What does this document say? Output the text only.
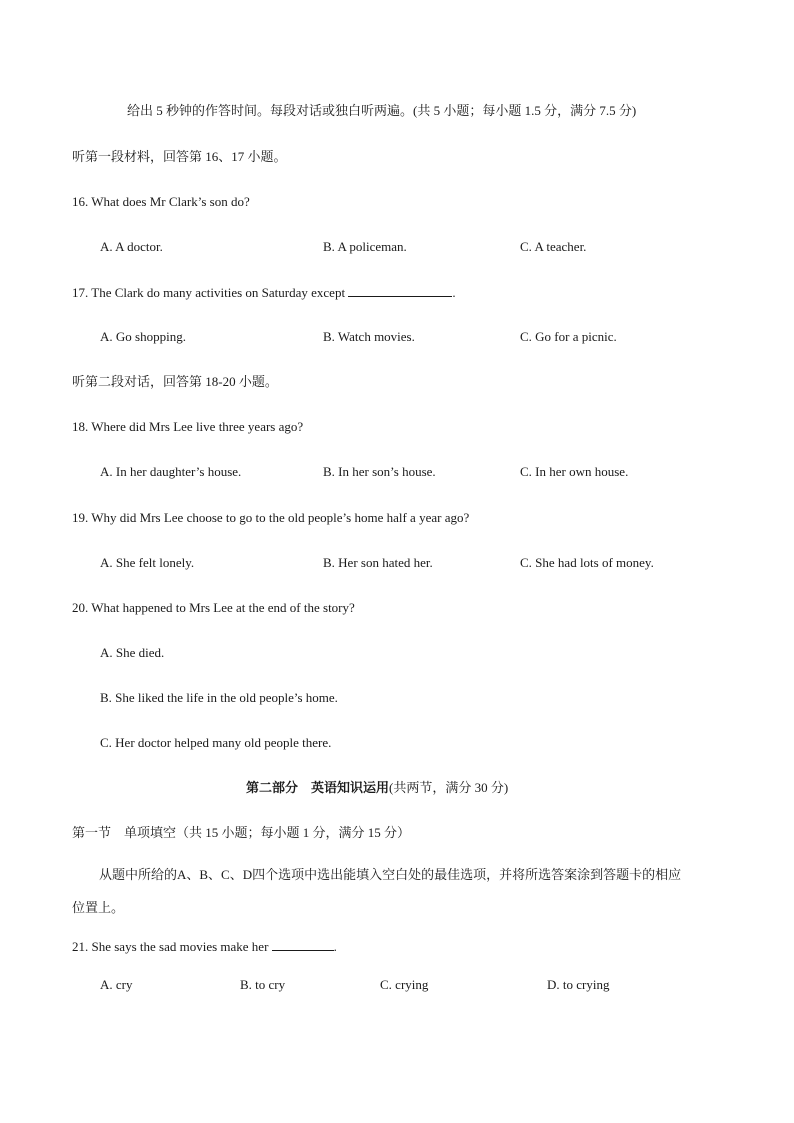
给出 5 秒钟的作答时间。每段对话或独白听两遍。(共 5 小题；每小题 1.5 分，满分 7.5 分)
听第一段材料，回答第 16、17 小题。
16. What does Mr Clark’s son do?
A. A doctor.	B. A policeman.	C. A teacher.
17. The Clark do many activities on Saturday except	.
A. Go shopping.	B. Watch movies.	C. Go for a picnic.
听第二段对话，回答第 18-20 小题。
18. Where did Mrs Lee live three years ago?
A. In her daughter’s house.	B. In her son’s house.	C. In her own house.
19. Why did Mrs Lee choose to go to the old people’s home half a year ago?
A. She felt lonely.	B. Her son hated her.	C. She had lots of money.
20. What happened to Mrs Lee at the end of the story?
A. She died.
B. She liked the life in the old people’s home.
C. Her doctor helped many old people there.
第二部分　英语知识运用(共两节，满分 30 分)
第一节　单项填空（共 15 小题；每小题 1 分，满分 15 分）
从题中所给的A、B、C、D四个选项中选出能填入空白处的最佳选项，并将所选答案涂到答题卡的相应
位置上。
21. She says the sad movies make her	.
A. cry	B. to cry	C. crying	D. to crying
